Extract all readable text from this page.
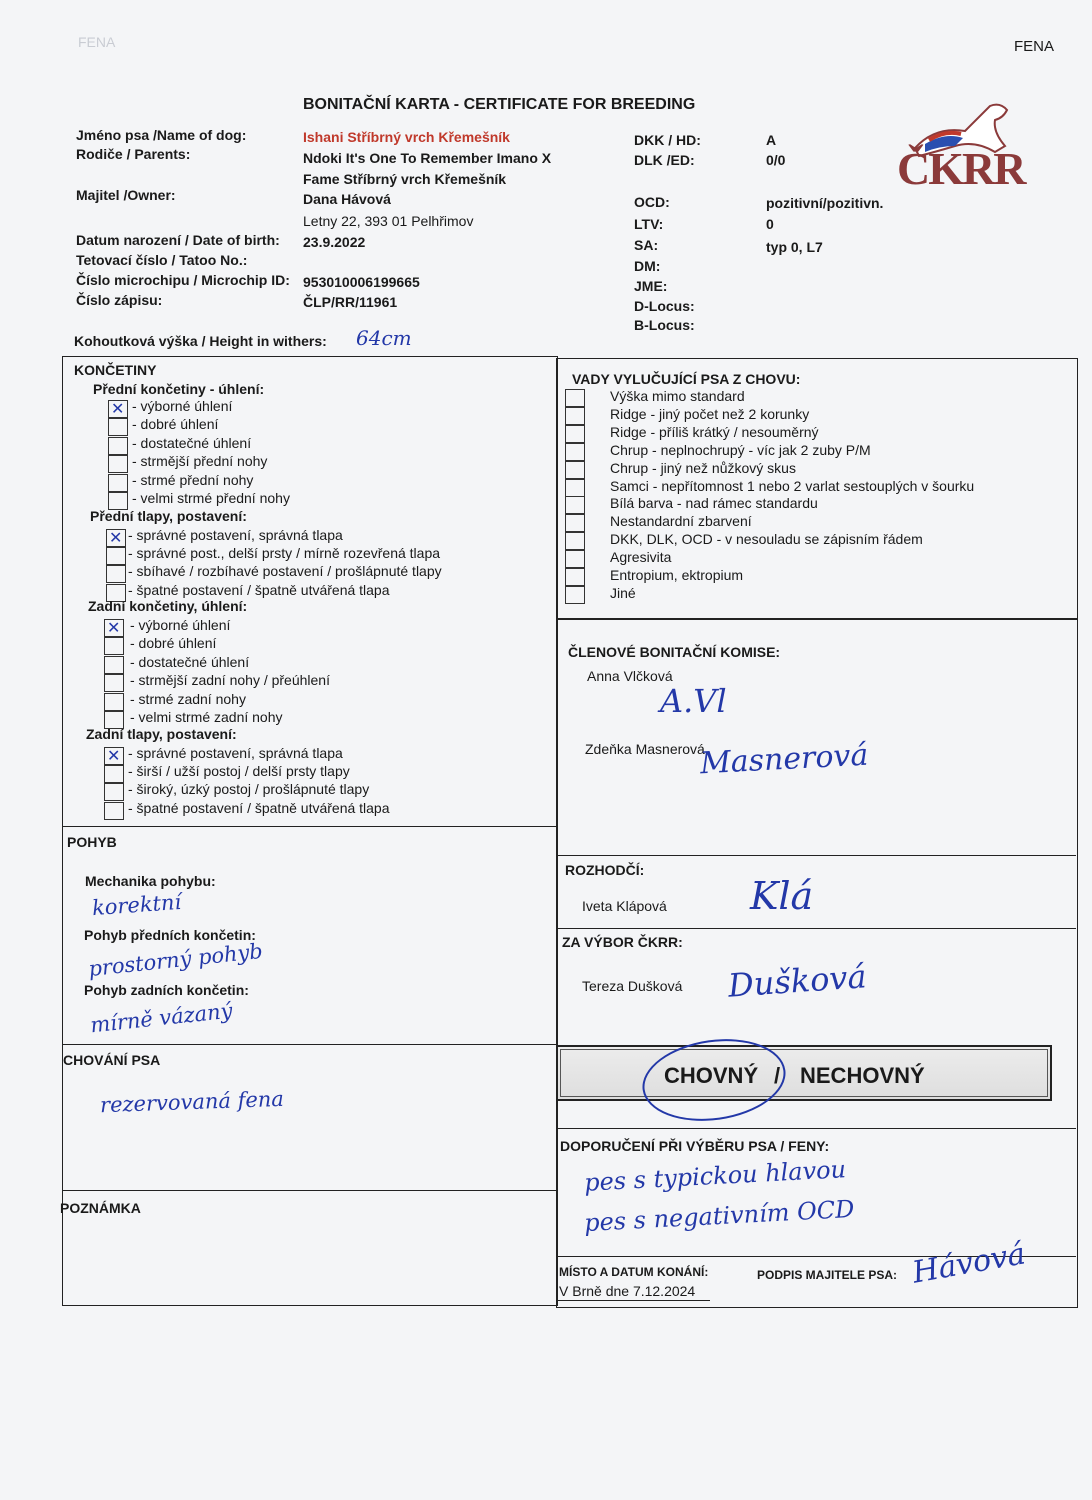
FENA	FENA
BONITAČNÍ KARTA - CERTIFICATE FOR BREEDING
ČKRR
Jméno psa /Name of dog:	Ishani Stříbrný vrch Křemešník
Rodiče / Parents:	Ndoki It's One To Remember Imano X
Fame Stříbrný vrch Křemešník
Majitel /Owner:	Dana Hávová
Letny 22, 393 01 Pelhřimov
Datum narození / Date of birth: 23.9.2022
Tetovací číslo / Tatoo No.:
Číslo microchipu / Microchip ID: 953010006199665
Číslo zápisu:	ČLP/RR/11961
DKK / HD:	A
DLK /ED:	0/0
OCD:	pozitivní/pozitivn.
LTV:	0
SA:	typ 0, L7
DM:
JME:
D-Locus:
B-Locus:
Kohoutková výška / Height in withers: 64cm
KONČETINY
Přední končetiny - úhlení:
✕ - výborné úhlení
- dobré úhlení
- dostatečné úhlení
- strmější přední nohy
- strmé přední nohy
- velmi strmé přední nohy
Přední tlapy, postavení:
✕ - správné postavení, správná tlapa
- správné post., delší prsty / mírně rozevřená tlapa
- sbíhavé / rozbíhavé postavení / prošlápnuté tlapy
- špatné postavení / špatně utvářená tlapa
Zadní končetiny, úhlení:
✕ - výborné úhlení
- dobré úhlení
- dostatečné úhlení
- strmější zadní nohy / přeúhlení
- strmé zadní nohy
- velmi strmé zadní nohy
Zadní tlapy, postavení:
✕ - správné postavení, správná tlapa
- širší / užší postoj / delší prsty tlapy
- široký, úzký postoj / prošlápnuté tlapy
- špatné postavení / špatně utvářená tlapa
POHYB
Mechanika pohybu:
korektní
Pohyb předních končetin:
prostorný pohyb
Pohyb zadních končetin:
mírně vázaný
CHOVÁNÍ PSA
rezervovaná fena
POZNÁMKA
VADY VYLUČUJÍCÍ PSA Z CHOVU:
Výška mimo standard
Ridge - jiný počet než 2 korunky
Ridge - příliš krátký / nesouměrný
Chrup - neplnochrupý - víc jak 2 zuby P/M
Chrup - jiný než nůžkový skus
Samci - nepřítomnost 1 nebo 2 varlat sestouplých v šourku
Bílá barva - nad rámec standardu
Nestandardní zbarvení
DKK, DLK, OCD - v nesouladu se zápisním řádem
Agresivita
Entropium, ektropium
Jiné
ČLENOVÉ BONITAČNÍ KOMISE:
Anna Vlčková
A.Vl
Zdeňka Masnerová
Masnerová
ROZHODČÍ:
Iveta Klápová Klá
ZA VÝBOR ČKRR:
Tereza Dušková Dušková
CHOVNÝ / NECHOVNÝ
DOPORUČENÍ PŘI VÝBĚRU PSA / FENY:
pes s typickou hlavou
pes s negativním OCD
MÍSTO A DATUM KONÁNÍ:
V Brně dne 7.12.2024
PODPIS MAJITELE PSA: Hávová
